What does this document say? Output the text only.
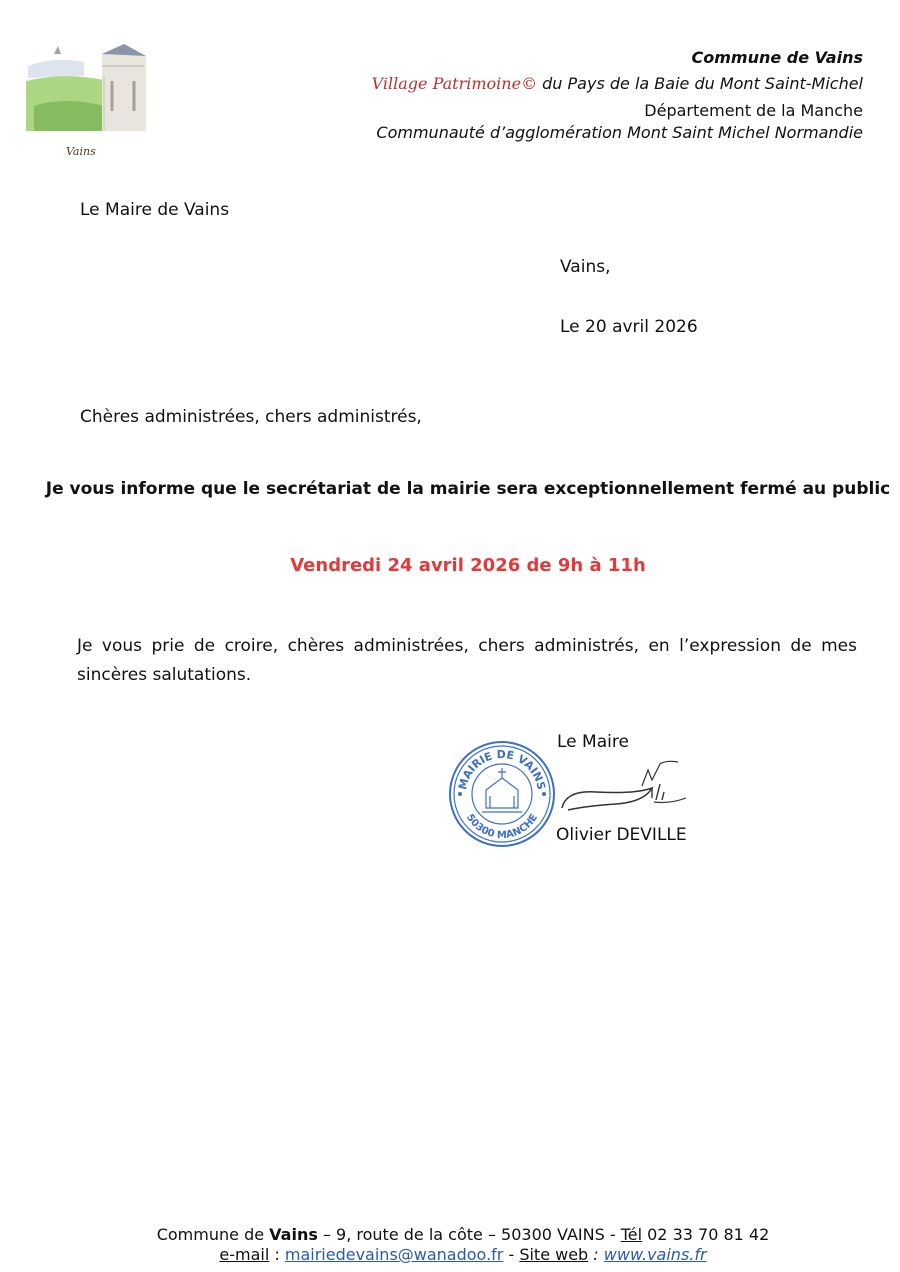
Vains
Commune de Vains
Village Patrimoine© du Pays de la Baie du Mont Saint-Michel
Département de la Manche
Communauté d’agglomération Mont Saint Michel Normandie
Le Maire de Vains
Vains,
Le 20 avril 2026
Chères administrées, chers administrés,
Je vous informe que le secrétariat de la mairie sera exceptionnellement fermé au public
Vendredi 24 avril 2026 de 9h à 11h
Je vous prie de croire, chères administrées, chers administrés, en l’expression de mes sincères salutations.
Le Maire
MAIRIE DE VAINS
50300 MANCHE
Olivier DEVILLE
Commune de Vains – 9, route de la côte – 50300 VAINS - Tél 02 33 70 81 42
e-mail : mairiedevains@wanadoo.fr - Site web : www.vains.fr
